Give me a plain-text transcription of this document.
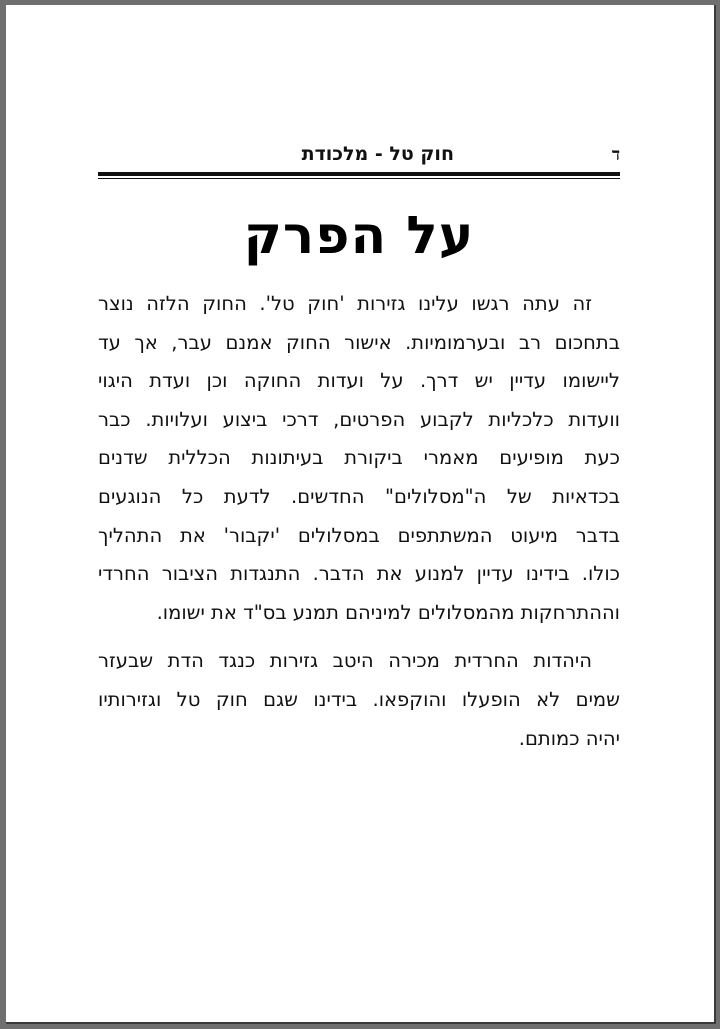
ד
חוק טל - מלכודת
על הפרק
זה עתה רגשו עלינו גזירות 'חוק טל'. החוק הלזה נוצר
בתחכום רב ובערמומיות. אישור החוק אמנם עבר, אך עד
ליישומו עדיין יש דרך. על ועדות החוקה וכן ועדת היגוי
וועדות כלכליות לקבוע הפרטים, דרכי ביצוע ועלויות. כבר
כעת מופיעים מאמרי ביקורת בעיתונות הכללית שדנים
בכדאיות של ה"מסלולים" החדשים. לדעת כל הנוגעים
בדבר מיעוט המשתתפים במסלולים 'יקבור' את התהליך
כולו. בידינו עדיין למנוע את הדבר. התנגדות הציבור החרדי
וההתרחקות מהמסלולים למיניהם תמנע בס"ד את ישומו.
היהדות החרדית מכירה היטב גזירות כנגד הדת שבעזר
שמים לא הופעלו והוקפאו. בידינו שגם חוק טל וגזירותיו
יהיה כמותם.
